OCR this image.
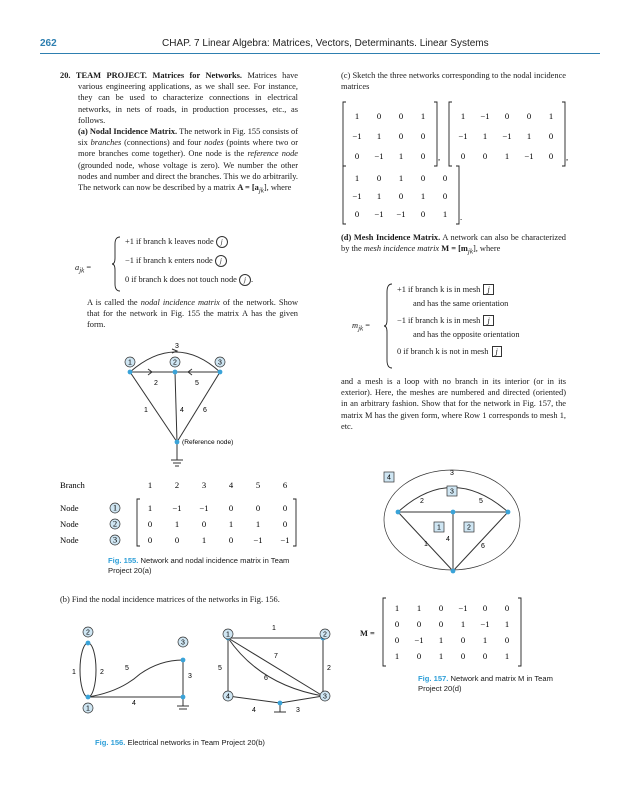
262	CHAP. 7 Linear Algebra: Matrices, Vectors, Determinants. Linear Systems

20. TEAM PROJECT. Matrices for Networks. Matrices have various engineering applications, as we shall see. For instance, they can be used to characterize connections in electrical networks, in nets of roads, in production processes, etc., as follows.

(a) Nodal Incidence Matrix. The network in Fig. 155 consists of six branches (connections) and four nodes (points where two or more branches come together). One node is the reference node (grounded node, whose voltage is zero). We number the other nodes and number and direct the branches. This we do arbitrarily. The network can now be described by a matrix $A = [a_{jk}]$, where

$a_{jk}$ =
+1 if branch k leaves node j
−1 if branch k enters node j
0 if branch k does not touch node j .

A is called the nodal incidence matrix of the network. Show that for the network in Fig. 155 the matrix A has the given form.

1	2	3
1
2
3
4
5
6
(Reference node)
Branch	1	2	3	4	5	6
Node
Node
Node
1
2
3
1 −1 −1 0	0	0
0	1	0	1	1	0
0	0	1	0 −1 −1
Fig. 155. Network and nodal incidence matrix in Team Project 20(a)

(b) Find the nodal incidence matrices of the networks in Fig. 156.

2
3
1
1	2
3
4
5
1	2
3
4
1
2
3
4
5
6
7
Fig. 156. Electrical networks in Team Project 20(b)

(c) Sketch the three networks corresponding to the nodal incidence matrices

1 0 0 1
−1 1 0 0
0 −1 1 0 ,
1 −1 0 0 1
−1 1 −1 1 0
0 0 1 −1 0 ,
1 0 1 0 0
−1 1 0 1 0
0 −1 −1 0 1 .

(d) Mesh Incidence Matrix. A network can also be characterized by the mesh incidence matrix $M = [m_{jk}]$, where

$m_{jk}$ =
+1 if branch k is in mesh j
and has the same orientation
−1 if branch k is in mesh j
and has the opposite orientation
0 if branch k is not in mesh j

and a mesh is a loop with no branch in its interior (or in its exterior). Here, the meshes are numbered and directed (oriented) in an arbitrary fashion. Show that for the network in Fig. 157, the matrix M has the given form, where Row 1 corresponds to mesh 1, etc.

4
3
1	2
1
2
3
4
5
6
M =
1 1 0 −1 0 0
0 0 0 1 −1 1
0 −1 1 0 1 0
1 0 1 0 0 1
Fig. 157. Network and matrix M in Team Project 20(d)
